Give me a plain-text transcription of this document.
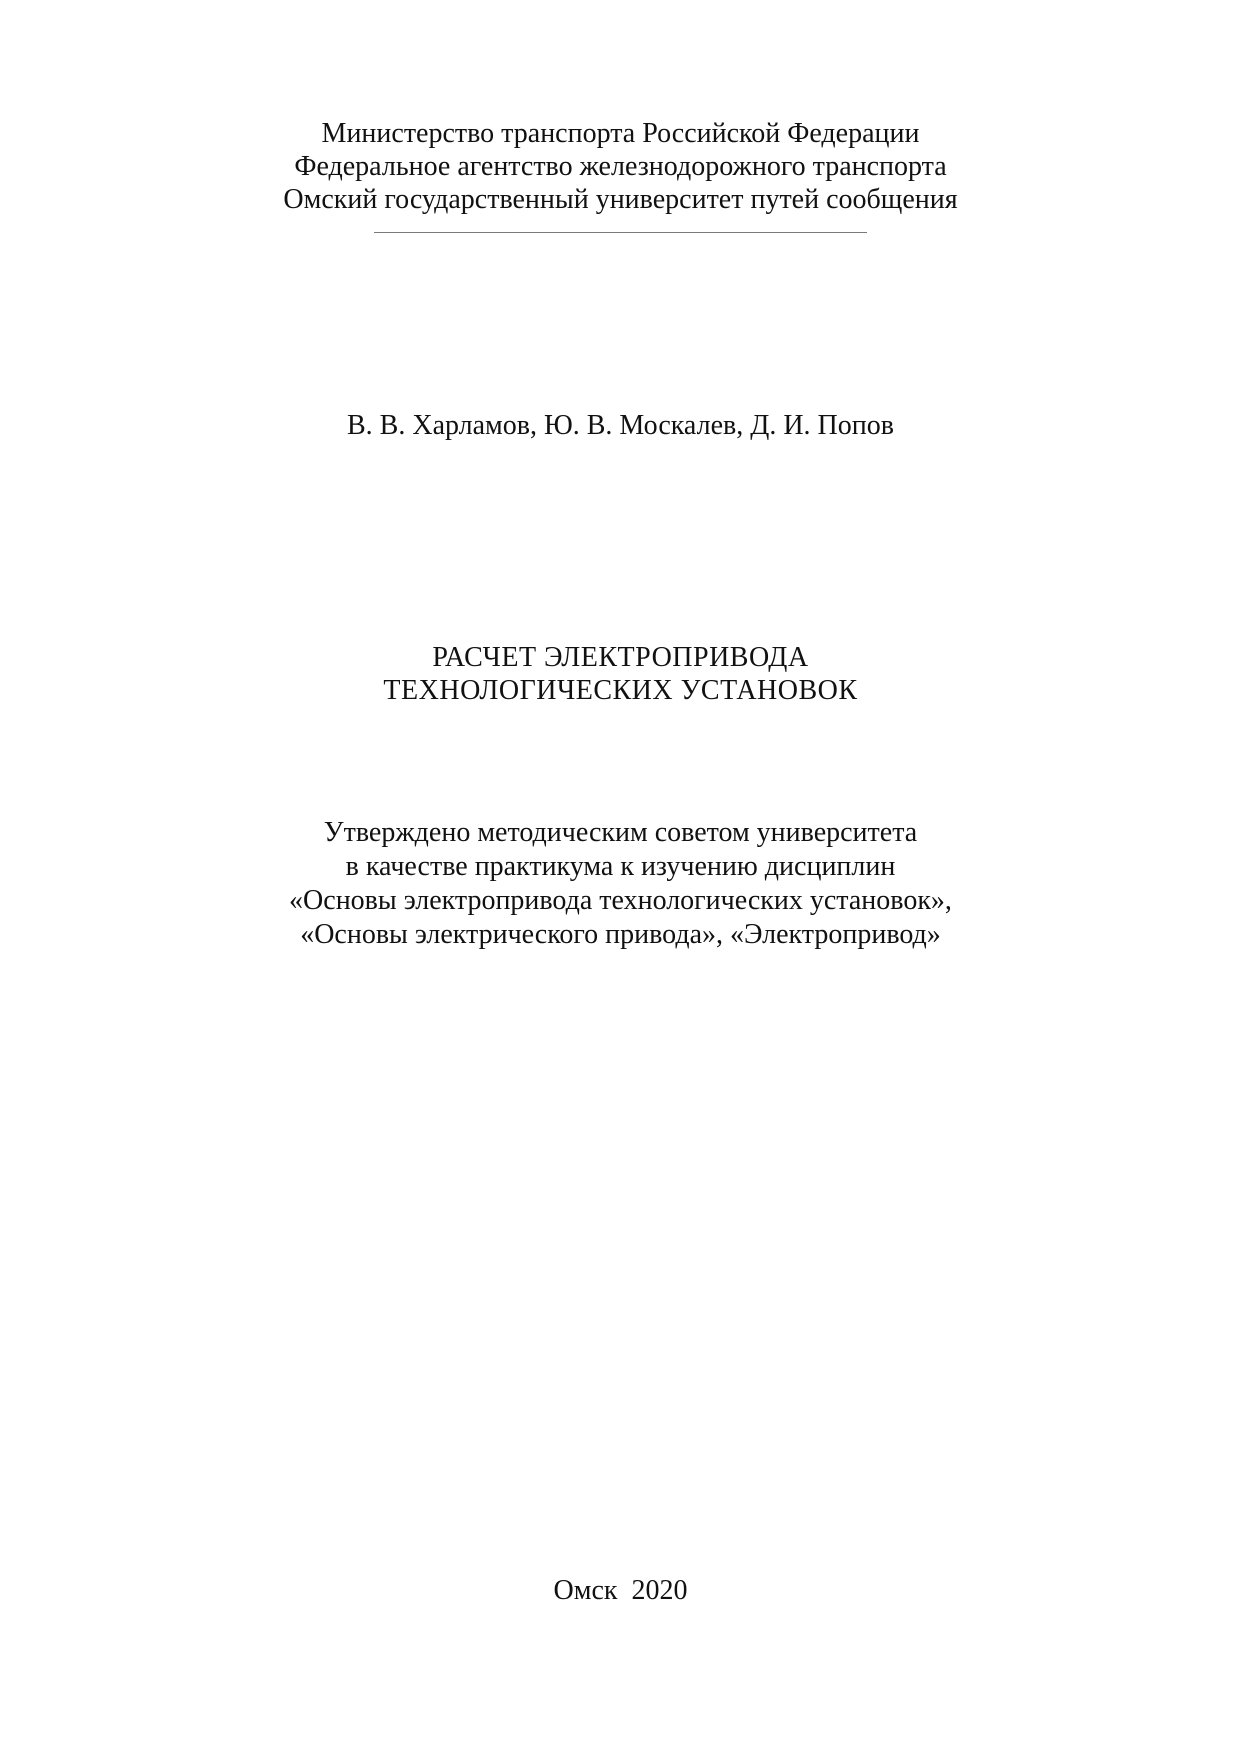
Министерство транспорта Российской Федерации
Федеральное агентство железнодорожного транспорта
Омский государственный университет путей сообщения
В. В. Харламов, Ю. В. Москалев, Д. И. Попов
РАСЧЕТ ЭЛЕКТРОПРИВОДА
ТЕХНОЛОГИЧЕСКИХ УСТАНОВОК
Утверждено методическим советом университета
в качестве практикума к изучению дисциплин
«Основы электропривода технологических установок»,
«Основы электрического привода», «Электропривод»
Омск  2020
